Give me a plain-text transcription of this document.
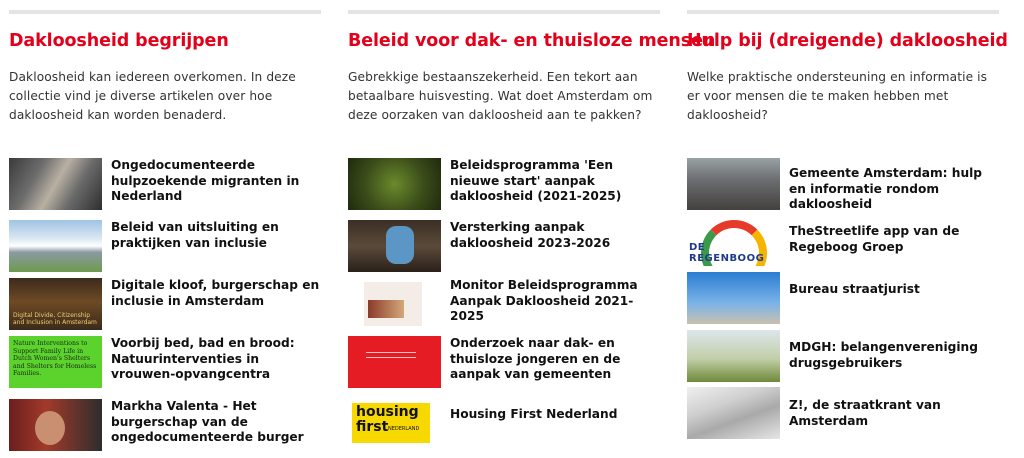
Dakloosheid begrijpen

Dakloosheid kan iedereen overkomen. In deze collectie vind je diverse artikelen over hoe dakloosheid kan worden benaderd.

Ongedocumenteerde hulpzoekende migranten in Nederland
Beleid van uitsluiting en praktijken van inclusie
Digital Divide, Citizenship and Inclusion in Amsterdam
Digitale kloof, burgerschap en inclusie in Amsterdam
Nature Interventions to Support Family Life in Dutch Women's Shelters and Shelters for Homeless Families.
Voorbij bed, bad en brood: Natuurinterventies in vrouwen-opvangcentra
Markha Valenta - Het burgerschap van de ongedocumenteerde burger
Beleid voor dak- en thuisloze mensen

Gebrekkige bestaanszekerheid. Een tekort aan betaalbare huisvesting. Wat doet Amsterdam om deze oorzaken van dakloosheid aan te pakken?

Beleidsprogramma 'Een nieuwe start' aanpak dakloosheid (2021-2025)
Versterking aanpak dakloosheid 2023-2026
Monitor Beleidsprogramma Aanpak Dakloosheid 2021-2025
Onderzoek naar dak- en thuisloze jongeren en de aanpak van gemeenten
housing
first NEDERLAND
Housing First Nederland
Hulp bij (dreigende) dakloosheid

Welke praktische ondersteuning en informatie is er voor mensen die te maken hebben met dakloosheid?

Gemeente Amsterdam: hulp en informatie rondom dakloosheid
DE REGENBOOG
TheStreetlife app van de Regeboog Groep
Bureau straatjurist
MDGH: belangenvereniging drugsgebruikers
Z!, de straatkrant van Amsterdam
